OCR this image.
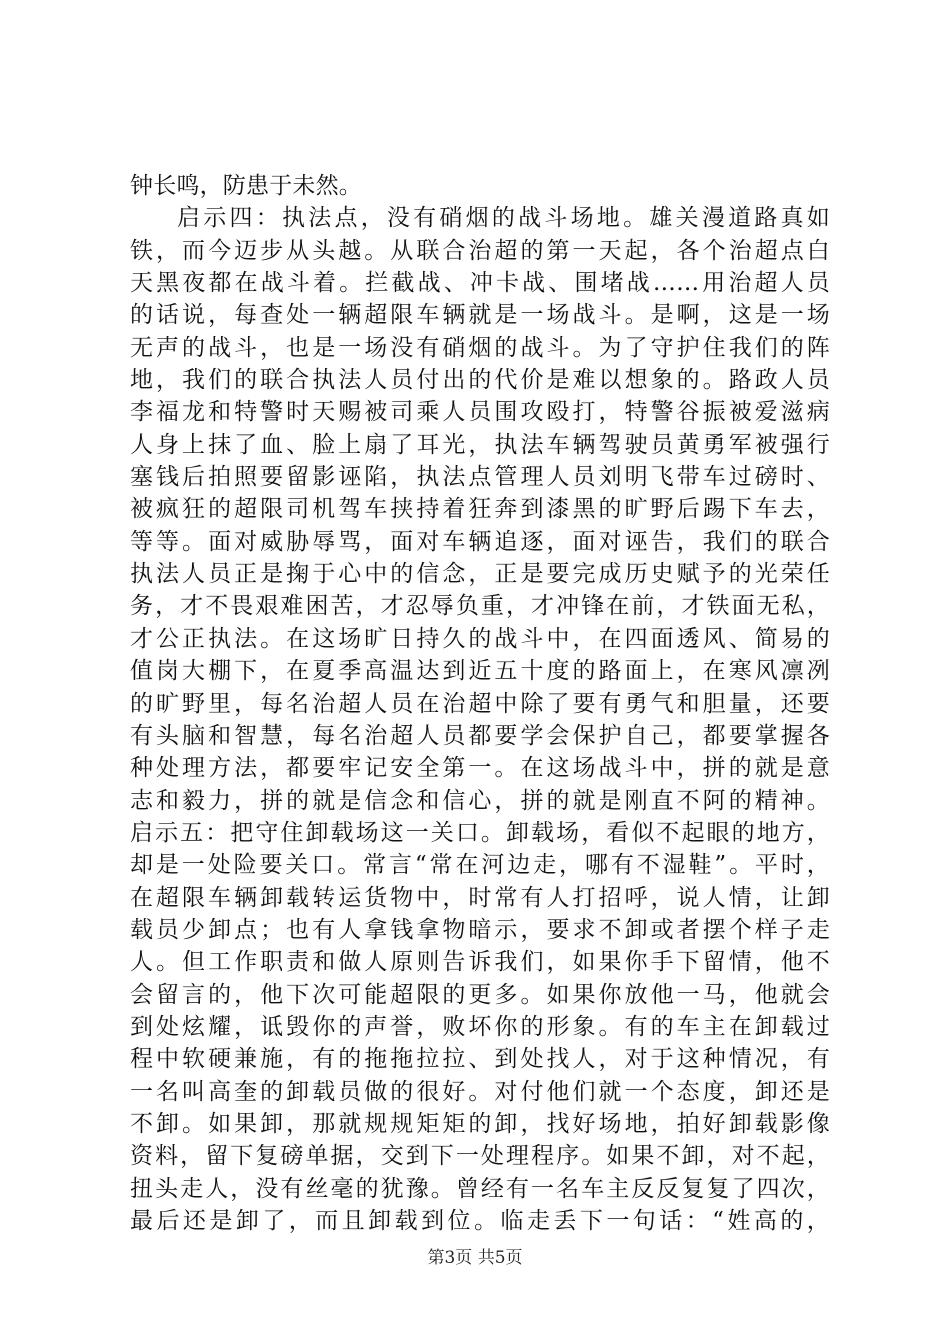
钟长鸣，防患于未然。
启示四：执法点，没有硝烟的战斗场地。雄关漫道路真如
铁，而今迈步从头越。从联合治超的第一天起，各个治超点白
天黑夜都在战斗着。拦截战、冲卡战、围堵战……用治超人员
的话说，每查处一辆超限车辆就是一场战斗。是啊，这是一场
无声的战斗，也是一场没有硝烟的战斗。为了守护住我们的阵
地，我们的联合执法人员付出的代价是难以想象的。路政人员
李福龙和特警时天赐被司乘人员围攻殴打，特警谷振被爱滋病
人身上抹了血、脸上扇了耳光，执法车辆驾驶员黄勇军被强行
塞钱后拍照要留影诬陷，执法点管理人员刘明飞带车过磅时、
被疯狂的超限司机驾车挟持着狂奔到漆黑的旷野后踢下车去，
等等。面对威胁辱骂，面对车辆追逐，面对诬告，我们的联合
执法人员正是掬于心中的信念，正是要完成历史赋予的光荣任
务，才不畏艰难困苦，才忍辱负重，才冲锋在前，才铁面无私，
才公正执法。在这场旷日持久的战斗中，在四面透风、简易的
值岗大棚下，在夏季高温达到近五十度的路面上，在寒风凛冽
的旷野里，每名治超人员在治超中除了要有勇气和胆量，还要
有头脑和智慧，每名治超人员都要学会保护自己，都要掌握各
种处理方法，都要牢记安全第一。在这场战斗中，拼的就是意
志和毅力，拼的就是信念和信心，拼的就是刚直不阿的精神。
启示五：把守住卸载场这一关口。卸载场，看似不起眼的地方，
却是一处险要关口。常言“常在河边走，哪有不湿鞋”。平时，
在超限车辆卸载转运货物中，时常有人打招呼，说人情，让卸
载员少卸点；也有人拿钱拿物暗示，要求不卸或者摆个样子走
人。但工作职责和做人原则告诉我们，如果你手下留情，他不
会留言的，他下次可能超限的更多。如果你放他一马，他就会
到处炫耀，诋毁你的声誉，败坏你的形象。有的车主在卸载过
程中软硬兼施，有的拖拖拉拉、到处找人，对于这种情况，有
一名叫高奎的卸载员做的很好。对付他们就一个态度，卸还是
不卸。如果卸，那就规规矩矩的卸，找好场地，拍好卸载影像
资料，留下复磅单据，交到下一处理程序。如果不卸，对不起，
扭头走人，没有丝毫的犹豫。曾经有一名车主反反复复了四次，
最后还是卸了，而且卸载到位。临走丢下一句话：“姓高的，
第3页 共5页
